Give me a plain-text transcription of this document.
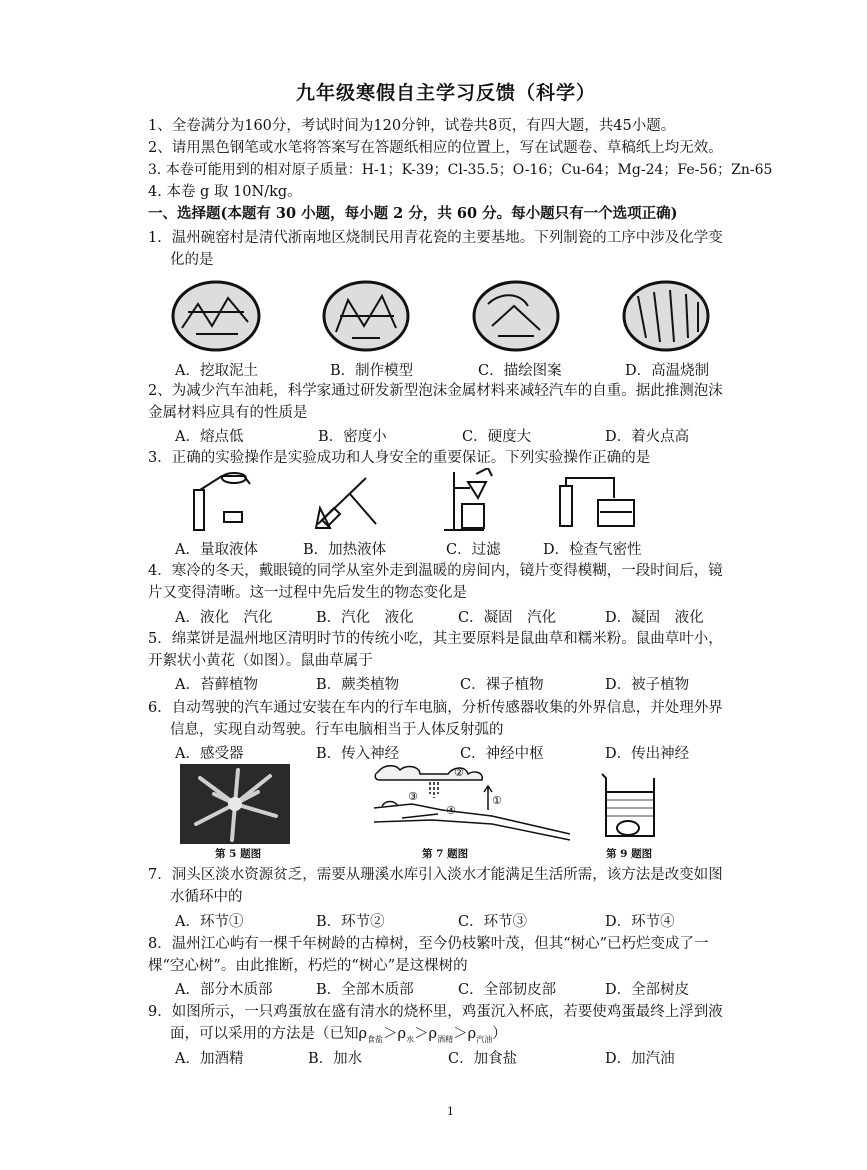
九年级寒假自主学习反馈（科学）
1、全卷满分为160分，考试时间为120分钟，试卷共8页，有四大题，共45小题。
2、请用黑色钢笔或水笔将答案写在答题纸相应的位置上，写在试题卷、草稿纸上均无效。
3. 本卷可能用到的相对原子质量：H-1；K-39；Cl-35.5；O-16；Cu-64；Mg-24；Fe-56；Zn-65
4. 本卷 g 取 10N/kg。
一、选择题(本题有 30 小题，每小题 2 分，共 60 分。每小题只有一个选项正确)
1．温州碗窑村是清代浙南地区烧制民用青花瓷的主要基地。下列制瓷的工序中涉及化学变
化的是
A．挖取泥土	B．制作模型	C．描绘图案	D．高温烧制
2、为减少汽车油耗，科学家通过研发新型泡沫金属材料来减轻汽车的自重。据此推测泡沫
金属材料应具有的性质是
A．熔点低	B．密度小	C．硬度大	D．着火点高
3．正确的实验操作是实验成功和人身安全的重要保证。下列实验操作正确的是
A．量取液体	B．加热液体	C．过滤	D．检查气密性
4．寒冷的冬天，戴眼镜的同学从室外走到温暖的房间内，镜片变得模糊，一段时间后，镜
片又变得清晰。这一过程中先后发生的物态变化是
A．液化　汽化	B．汽化　液化	C．凝固　汽化	D．凝固　液化
5．绵菜饼是温州地区清明时节的传统小吃，其主要原料是鼠曲草和糯米粉。鼠曲草叶小，
开絮状小黄花（如图）。鼠曲草属于
A．苔藓植物	B．蕨类植物	C．裸子植物	D．被子植物
6．自动驾驶的汽车通过安装在车内的行车电脑，分析传感器收集的外界信息，并处理外界
信息，实现自动驾驶。行车电脑相当于人体反射弧的
A．感受器	B．传入神经	C．神经中枢	D．传出神经
第 5 题图
②
①
③
④
第 7 题图	第 9 题图
7．洞头区淡水资源贫乏，需要从珊溪水库引入淡水才能满足生活所需，该方法是改变如图
水循环中的
A．环节①	B．环节②	C．环节③	D．环节④
8．温州江心屿有一棵千年树龄的古樟树，至今仍枝繁叶茂，但其“树心”已朽烂变成了一
棵“空心树”。由此推断，朽烂的“树心”是这棵树的
A．部分木质部	B．全部木质部	C．全部韧皮部	D．全部树皮
9．如图所示，一只鸡蛋放在盛有清水的烧杯里，鸡蛋沉入杯底，若要使鸡蛋最终上浮到液
面，可以采用的方法是（已知$\rho_{食盐}>\rho_水>\rho_{酒精}>\rho_{汽油}$）
A．加酒精	B．加水	C．加食盐	D．加汽油
1
